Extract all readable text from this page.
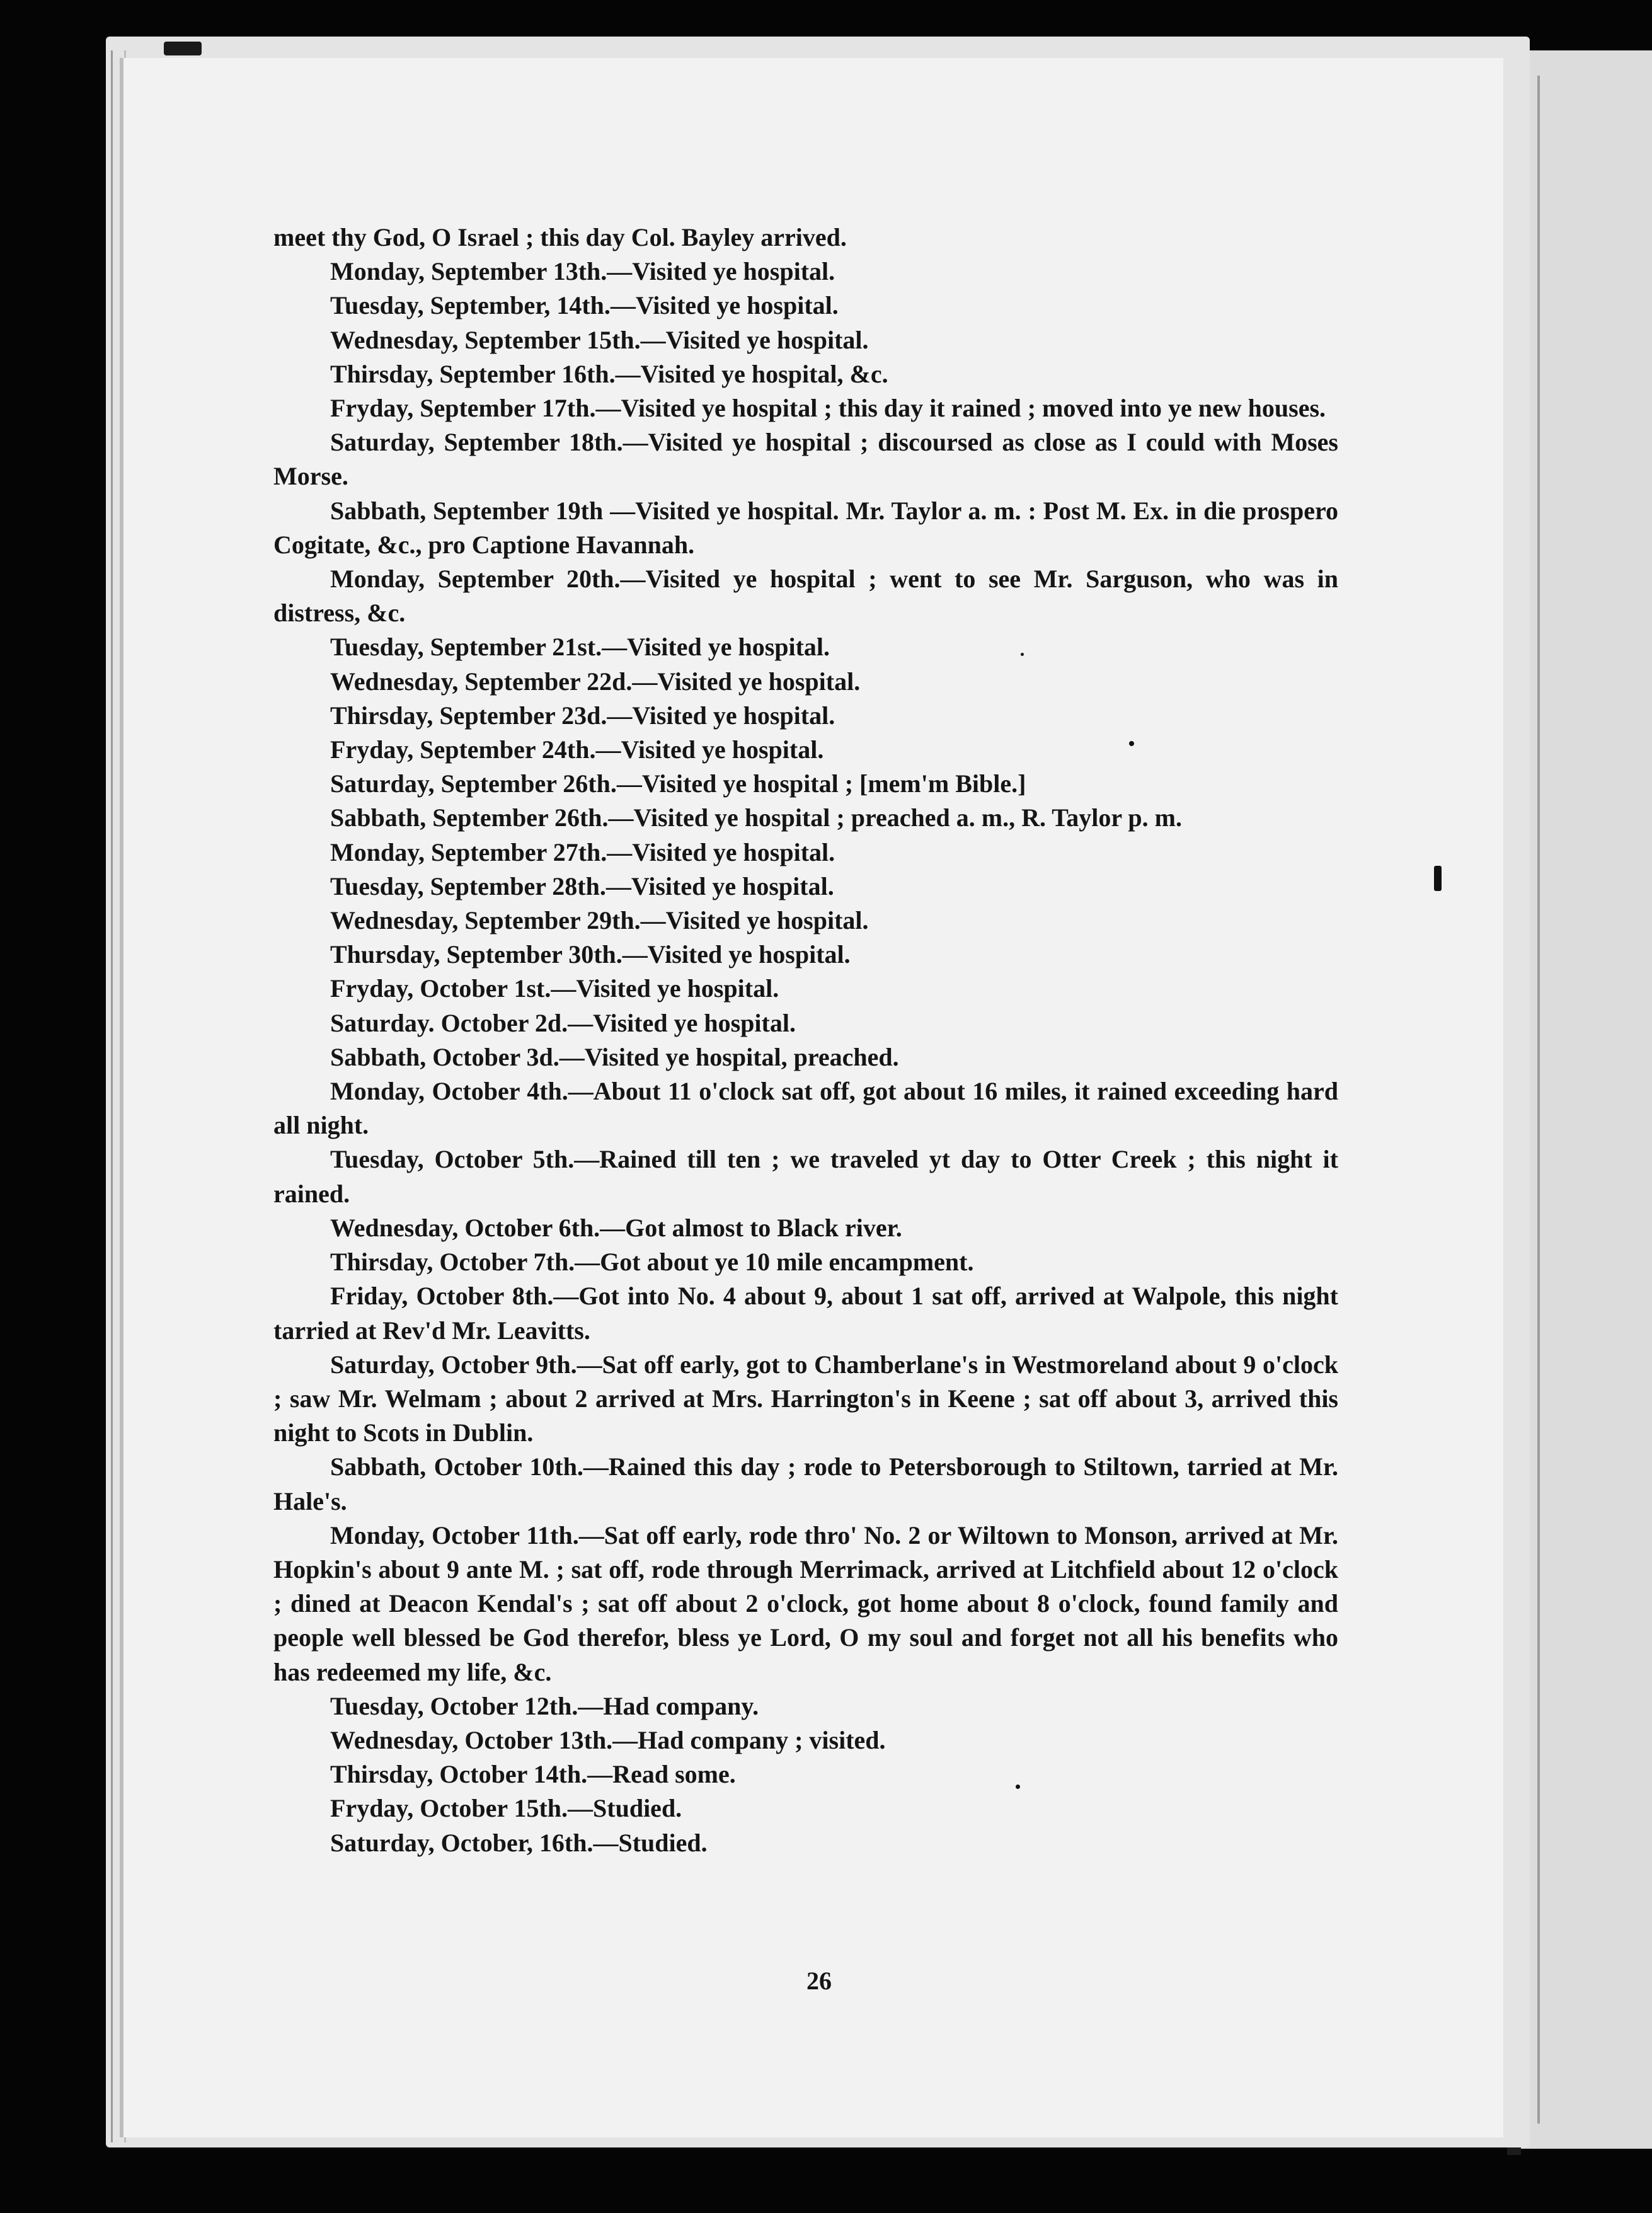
meet thy God, O Israel ; this day Col. Bayley arrived.

Monday, September 13th.—Visited ye hospital.

Tuesday, September, 14th.—Visited ye hospital.

Wednesday, September 15th.—Visited ye hospital.

Thirsday, September 16th.—Visited ye hospital, &c.

Fryday, September 17th.—Visited ye hospital ; this day it rained ; moved into ye new houses.

Saturday, September 18th.—Visited ye hospital ; discoursed as close as I could with Moses Morse.

Sabbath, September 19th —Visited ye hospital. Mr. Taylor a. m. : Post M. Ex. in die prospero Cogitate, &c., pro Captione Havannah.

Monday, September 20th.—Visited ye hospital ; went to see Mr. Sarguson, who was in distress, &c.

Tuesday, September 21st.—Visited ye hospital.

Wednesday, September 22d.—Visited ye hospital.

Thirsday, September 23d.—Visited ye hospital.

Fryday, September 24th.—Visited ye hospital.

Saturday, September 26th.—Visited ye hospital ; [mem'm Bible.]

Sabbath, September 26th.—Visited ye hospital ; preached a. m., R. Taylor p. m.

Monday, September 27th.—Visited ye hospital.

Tuesday, September 28th.—Visited ye hospital.

Wednesday, September 29th.—Visited ye hospital.

Thursday, September 30th.—Visited ye hospital.

Fryday, October 1st.—Visited ye hospital.

Saturday. October 2d.—Visited ye hospital.

Sabbath, October 3d.—Visited ye hospital, preached.

Monday, October 4th.—About 11 o'clock sat off, got about 16 miles, it rained exceeding hard all night.

Tuesday, October 5th.—Rained till ten ; we traveled yt day to Otter Creek ; this night it rained.

Wednesday, October 6th.—Got almost to Black river.

Thirsday, October 7th.—Got about ye 10 mile encampment.

Friday, October 8th.—Got into No. 4 about 9, about 1 sat off, arrived at Walpole, this night tarried at Rev'd Mr. Leavitts.

Saturday, October 9th.—Sat off early, got to Chamberlane's in Westmoreland about 9 o'clock ; saw Mr. Welmam ; about 2 arrived at Mrs. Harrington's in Keene ; sat off about 3, arrived this night to Scots in Dublin.

Sabbath, October 10th.—Rained this day ; rode to Petersborough to Stiltown, tarried at Mr. Hale's.

Monday, October 11th.—Sat off early, rode thro' No. 2 or Wiltown to Monson, arrived at Mr. Hopkin's about 9 ante M. ; sat off, rode through Merrimack, arrived at Litchfield about 12 o'clock ; dined at Deacon Kendal's ; sat off about 2 o'clock, got home about 8 o'clock, found family and people well blessed be God therefor, bless ye Lord, O my soul and forget not all his benefits who has redeemed my life, &c.

Tuesday, October 12th.—Had company.

Wednesday, October 13th.—Had company ; visited.

Thirsday, October 14th.—Read some.

Fryday, October 15th.—Studied.

Saturday, October, 16th.—Studied.

26
